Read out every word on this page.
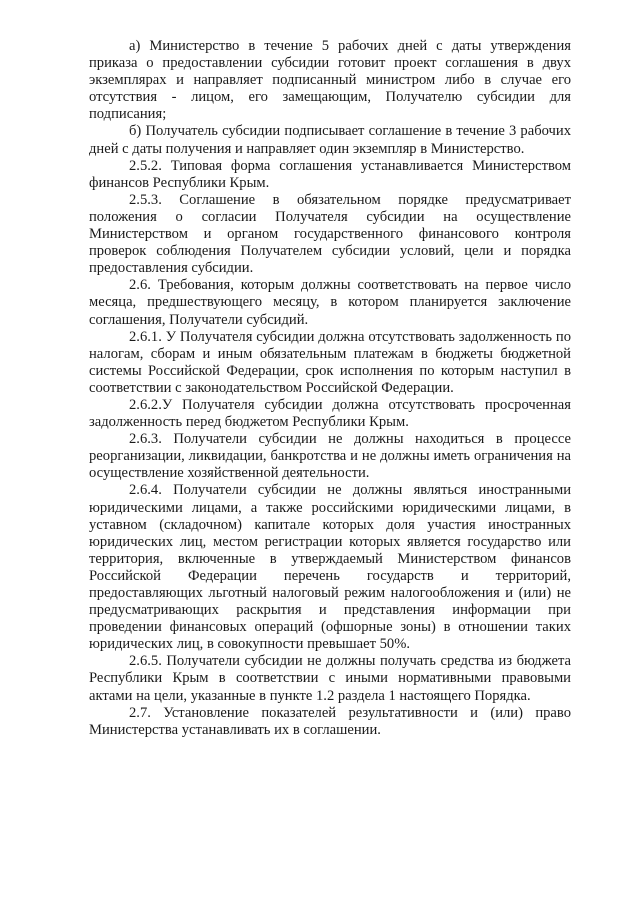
а) Министерство в течение 5 рабочих дней с даты утверждения приказа о предоставлении субсидии готовит проект соглашения в двух экземплярах и направляет подписанный министром либо в случае его отсутствия - лицом, его замещающим, Получателю субсидии для подписания;

б) Получатель субсидии подписывает соглашение в течение 3 рабочих дней с даты получения и направляет один экземпляр в Министерство.

2.5.2. Типовая форма соглашения устанавливается Министерством финансов Республики Крым.

2.5.3. Соглашение в обязательном порядке предусматривает положения о согласии Получателя субсидии на осуществление Министерством и органом государственного финансового контроля проверок соблюдения Получателем субсидии условий, цели и порядка предоставления субсидии.

2.6. Требования, которым должны соответствовать на первое число месяца, предшествующего месяцу, в котором планируется заключение соглашения, Получатели субсидий.

2.6.1. У Получателя субсидии должна отсутствовать задолженность по налогам, сборам и иным обязательным платежам в бюджеты бюджетной системы Российской Федерации, срок исполнения по которым наступил в соответствии с законодательством Российской Федерации.

2.6.2.У Получателя субсидии должна отсутствовать просроченная задолженность перед бюджетом Республики Крым.

2.6.3. Получатели субсидии не должны находиться в процессе реорганизации, ликвидации, банкротства и не должны иметь ограничения на осуществление хозяйственной деятельности.

2.6.4. Получатели субсидии не должны являться иностранными юридическими лицами, а также российскими юридическими лицами, в уставном (складочном) капитале которых доля участия иностранных юридических лиц, местом регистрации которых является государство или территория, включенные в утверждаемый Министерством финансов Российской Федерации перечень государств и территорий, предоставляющих льготный налоговый режим налогообложения и (или) не предусматривающих раскрытия и представления информации при проведении финансовых операций (офшорные зоны) в отношении таких юридических лиц, в совокупности превышает 50%.

2.6.5. Получатели субсидии не должны получать средства из бюджета Республики Крым в соответствии с иными нормативными правовыми актами на цели, указанные в пункте 1.2 раздела 1 настоящего Порядка.

2.7. Установление показателей результативности и (или) право Министерства устанавливать их в соглашении.
